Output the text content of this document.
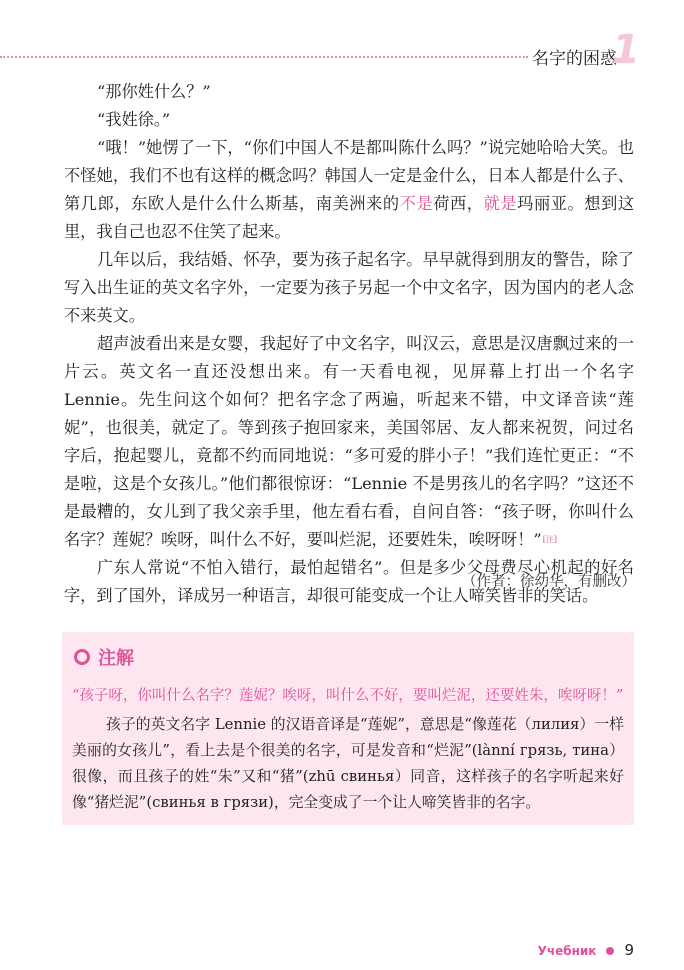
名字的困惑
1

“那你姓什么？”

“我姓徐。”

“哦！”她愣了一下，“你们中国人不是都叫陈什么吗？”说完她哈哈大笑。也不怪她，我们不也有这样的概念吗？韩国人一定是金什么，日本人都是什么子、第几郎，东欧人是什么什么斯基，南美洲来的不是荷西，就是玛丽亚。想到这里，我自己也忍不住笑了起来。

几年以后，我结婚、怀孕，要为孩子起名字。早早就得到朋友的警告，除了写入出生证的英文名字外，一定要为孩子另起一个中文名字，因为国内的老人念不来英文。

超声波看出来是女婴，我起好了中文名字，叫汉云，意思是汉唐飘过来的一片云。英文名一直还没想出来。有一天看电视，见屏幕上打出一个名字Lennie。先生问这个如何？把名字念了两遍，听起来不错，中文译音读“莲妮”，也很美，就定了。等到孩子抱回家来，美国邻居、友人都来祝贺，问过名字后，抱起婴儿，竟都不约而同地说：“多可爱的胖小子！”我们连忙更正：“不是啦，这是个女孩儿。”他们都很惊讶：“Lennie 不是男孩儿的名字吗？”这还不是最糟的，女儿到了我父亲手里，他左看右看，自问自答：“孩子呀，你叫什么名字？莲妮？唉呀，叫什么不好，要叫烂泥，还要姓朱，唉呀呀！”[注]

广东人常说“不怕入错行，最怕起错名”。但是多少父母费尽心机起的好名字，到了国外，译成另一种语言，却很可能变成一个让人啼笑皆非的笑话。

（作者：徐幼华，有删改）
注解
“孩子呀，你叫什么名字？莲妮？唉呀，叫什么不好，要叫烂泥，还要姓朱，唉呀呀！”

孩子的英文名字 Lennie 的汉语音译是“莲妮”，意思是“像莲花（лилия）一样美丽的女孩儿”，看上去是个很美的名字，可是发音和“烂泥”(lànní грязь, тина）很像，而且孩子的姓“朱”又和“猪”(zhū свинья）同音，这样孩子的名字听起来好像“猪烂泥”(свинья в грязи)，完全变成了一个让人啼笑皆非的名字。

Учебник 9
